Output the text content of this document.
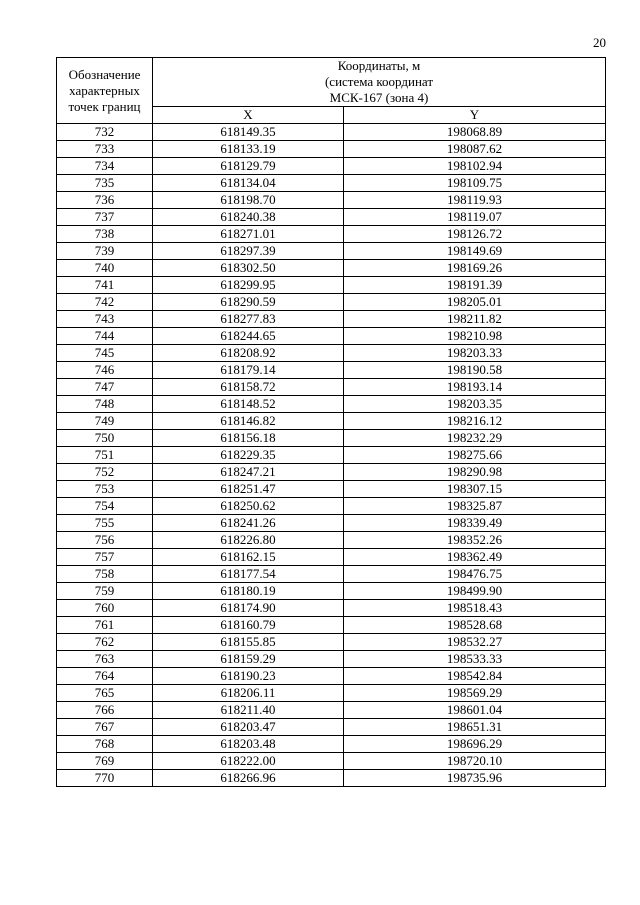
20
Обозначение
характерных
точек границ	Координаты, м
(система координат
МСК-167 (зона 4)	

	X	Y
732	618149.35	198068.89
733	618133.19	198087.62
734	618129.79	198102.94
735	618134.04	198109.75
736	618198.70	198119.93
737	618240.38	198119.07
738	618271.01	198126.72
739	618297.39	198149.69
740	618302.50	198169.26
741	618299.95	198191.39
742	618290.59	198205.01
743	618277.83	198211.82
744	618244.65	198210.98
745	618208.92	198203.33
746	618179.14	198190.58
747	618158.72	198193.14
748	618148.52	198203.35
749	618146.82	198216.12
750	618156.18	198232.29
751	618229.35	198275.66
752	618247.21	198290.98
753	618251.47	198307.15
754	618250.62	198325.87
755	618241.26	198339.49
756	618226.80	198352.26
757	618162.15	198362.49
758	618177.54	198476.75
759	618180.19	198499.90
760	618174.90	198518.43
761	618160.79	198528.68
762	618155.85	198532.27
763	618159.29	198533.33
764	618190.23	198542.84
765	618206.11	198569.29
766	618211.40	198601.04
767	618203.47	198651.31
768	618203.48	198696.29
769	618222.00	198720.10
770	618266.96	198735.96
